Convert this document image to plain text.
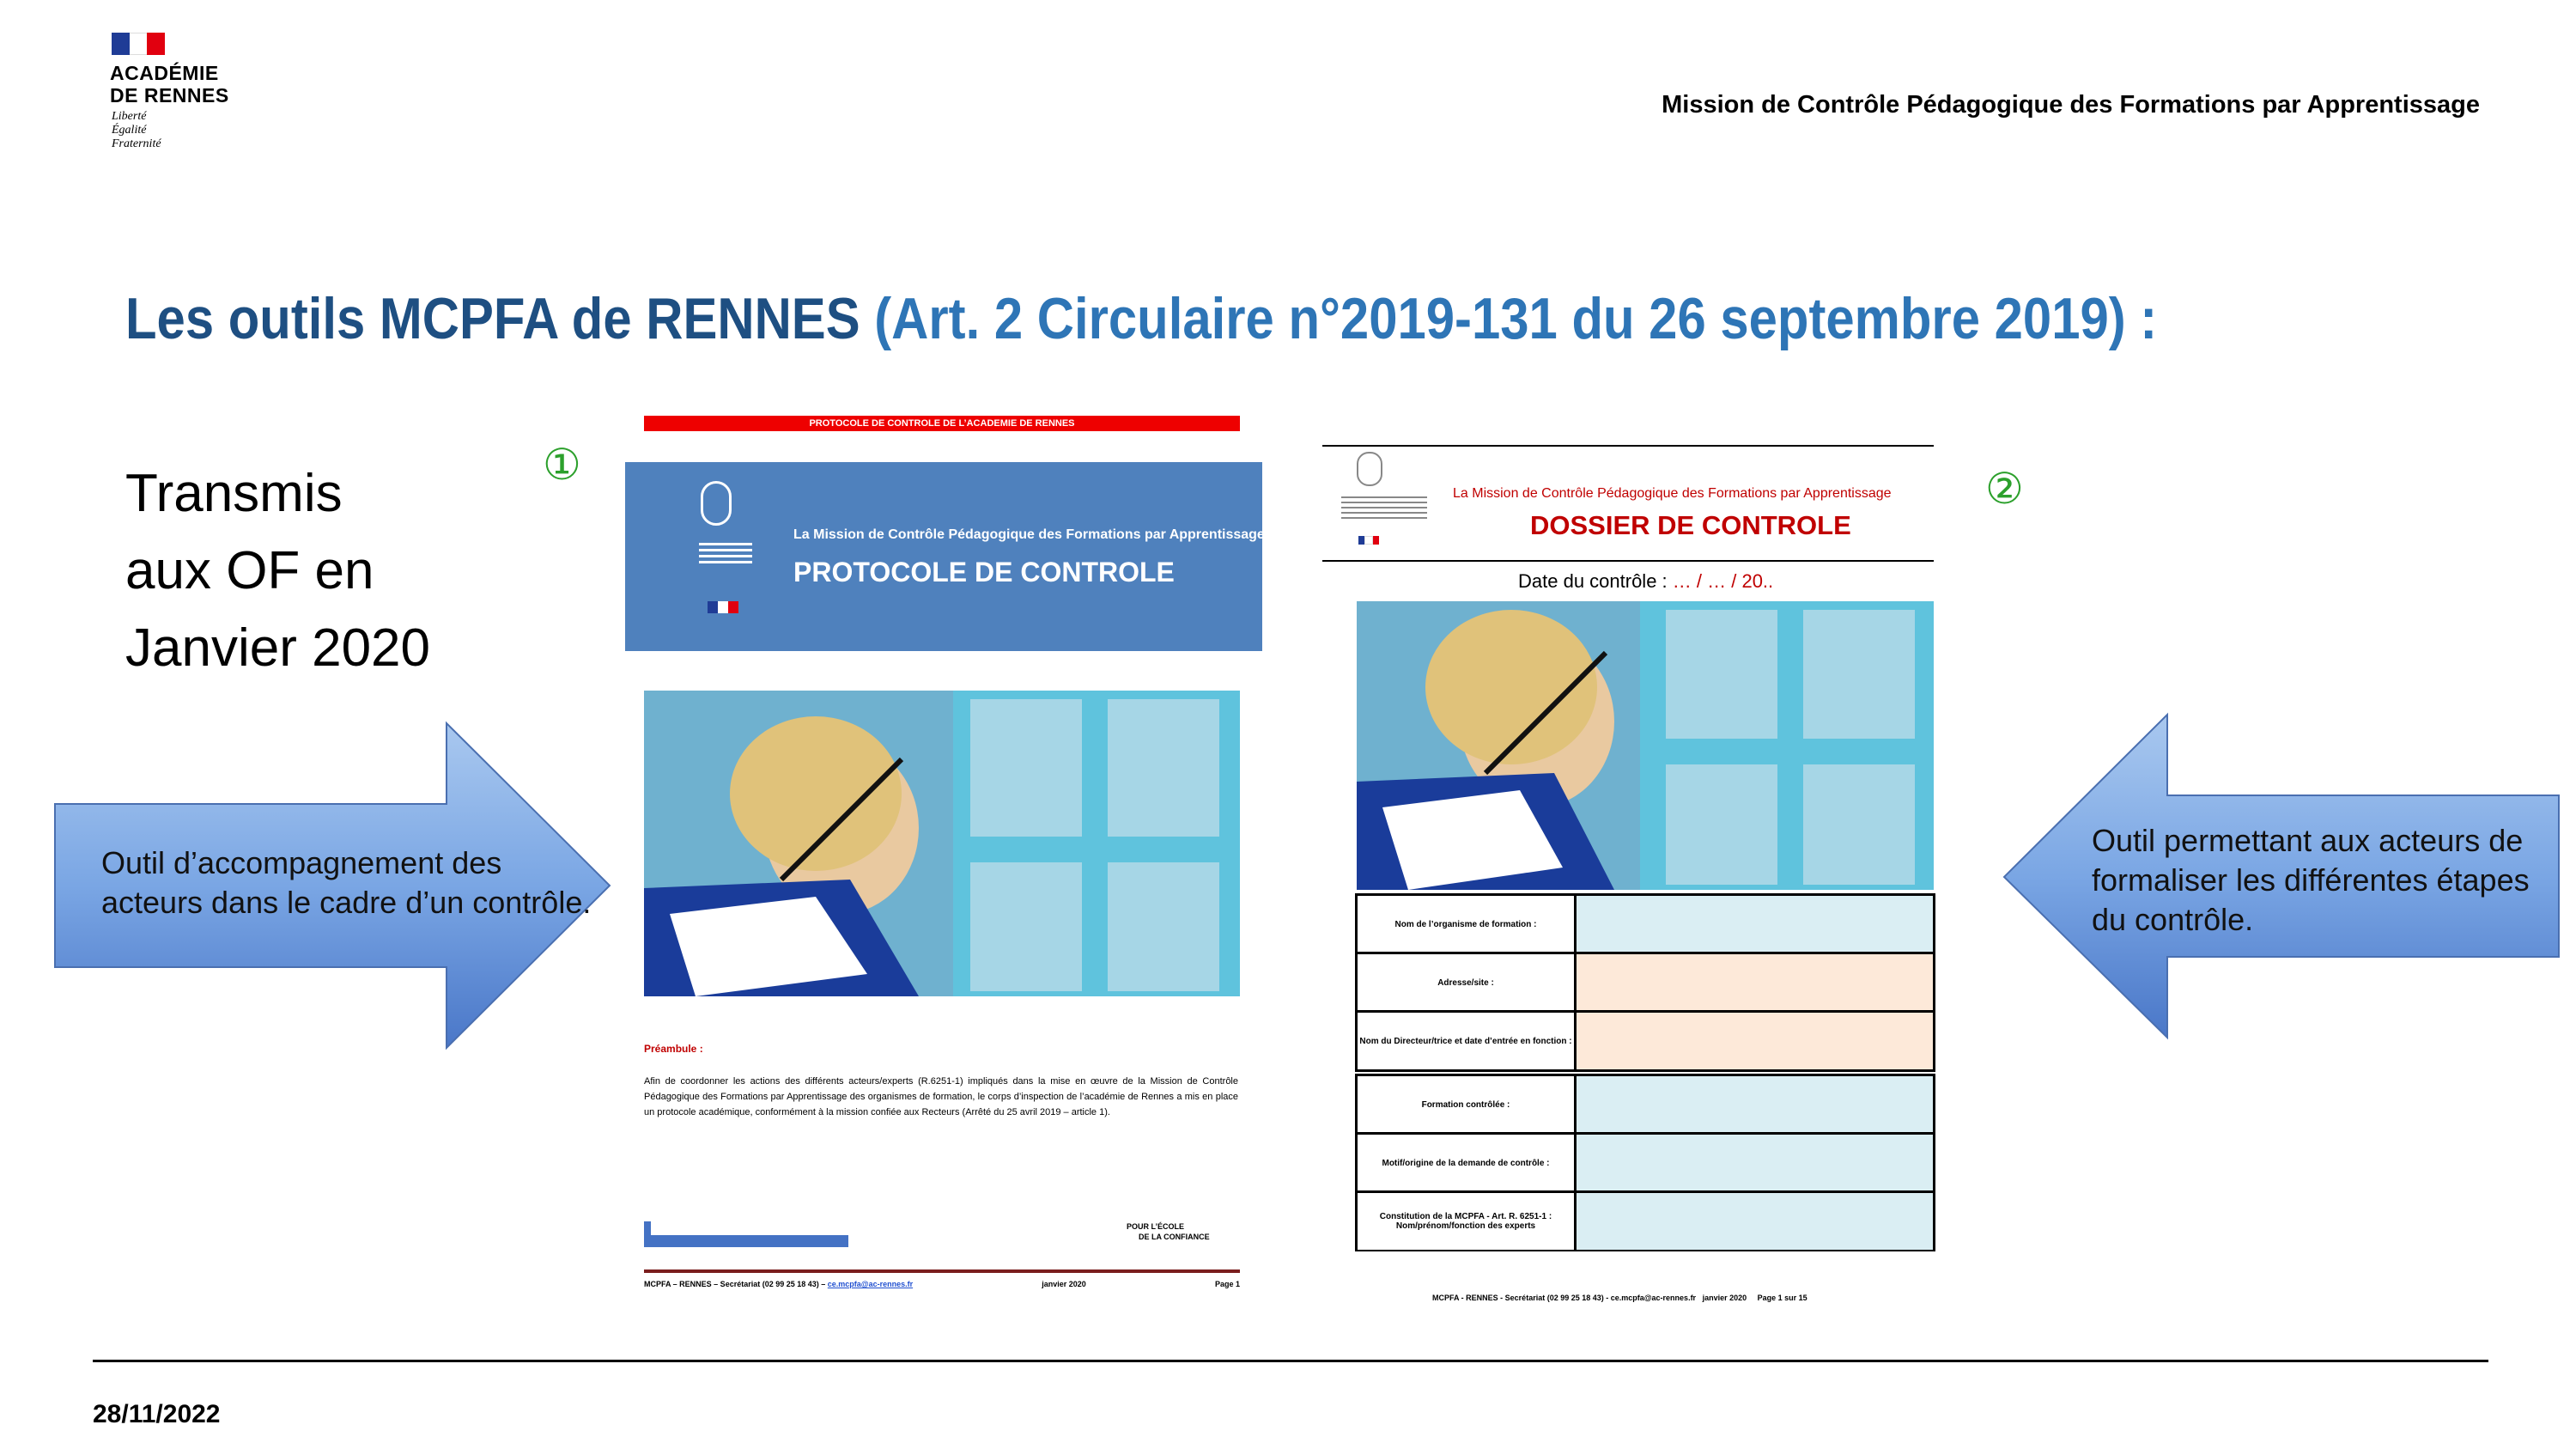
ACADÉMIE
DE RENNES
Liberté
Égalité
Fraternité
Mission de Contrôle Pédagogique des Formations par Apprentissage
Les outils MCPFA de RENNES (Art. 2 Circulaire n°2019-131 du 26 septembre 2019) :
Transmis
aux OF en
Janvier 2020
Outil d’accompagnement des
acteurs dans le cadre d’un contrôle.
Outil permettant aux acteurs de
formaliser les différentes étapes
du contrôle.
①	②
PROTOCOLE DE CONTROLE DE L’ACADEMIE DE RENNES
La Mission de Contrôle Pédagogique des Formations par Apprentissage
PROTOCOLE DE CONTROLE
Préambule :
Afin de coordonner les actions des différents acteurs/experts (R.6251-1) impliqués dans la mise en œuvre de la Mission de Contrôle Pédagogique des Formations par Apprentissage des organismes de formation, le corps d’inspection de l’académie de Rennes a mis en place un protocole académique, conformément à la mission confiée aux Recteurs (Arrêté du 25 avril 2019 – article 1).
POUR L’ÉCOLE
DE LA CONFIANCE
MCPFA – RENNES – Secrétariat (02 99 25 18 43) – ce.mcpfa@ac-rennes.fr	janvier 2020	Page 1
La Mission de Contrôle Pédagogique des Formations par Apprentissage
DOSSIER DE CONTROLE
Date du contrôle : … / … / 20..
Nom de l’organisme de formation :
Adresse/site :
Nom du Directeur/trice et date d’entrée en fonction :
Formation contrôlée :
Motif/origine de la demande de contrôle :
Constitution de la MCPFA - Art. R. 6251-1 : Nom/prénom/fonction des experts
MCPFA - RENNES - Secrétariat (02 99 25 18 43) - ce.mcpfa@ac-rennes.fr   janvier 2020     Page 1 sur 15
28/11/2022
